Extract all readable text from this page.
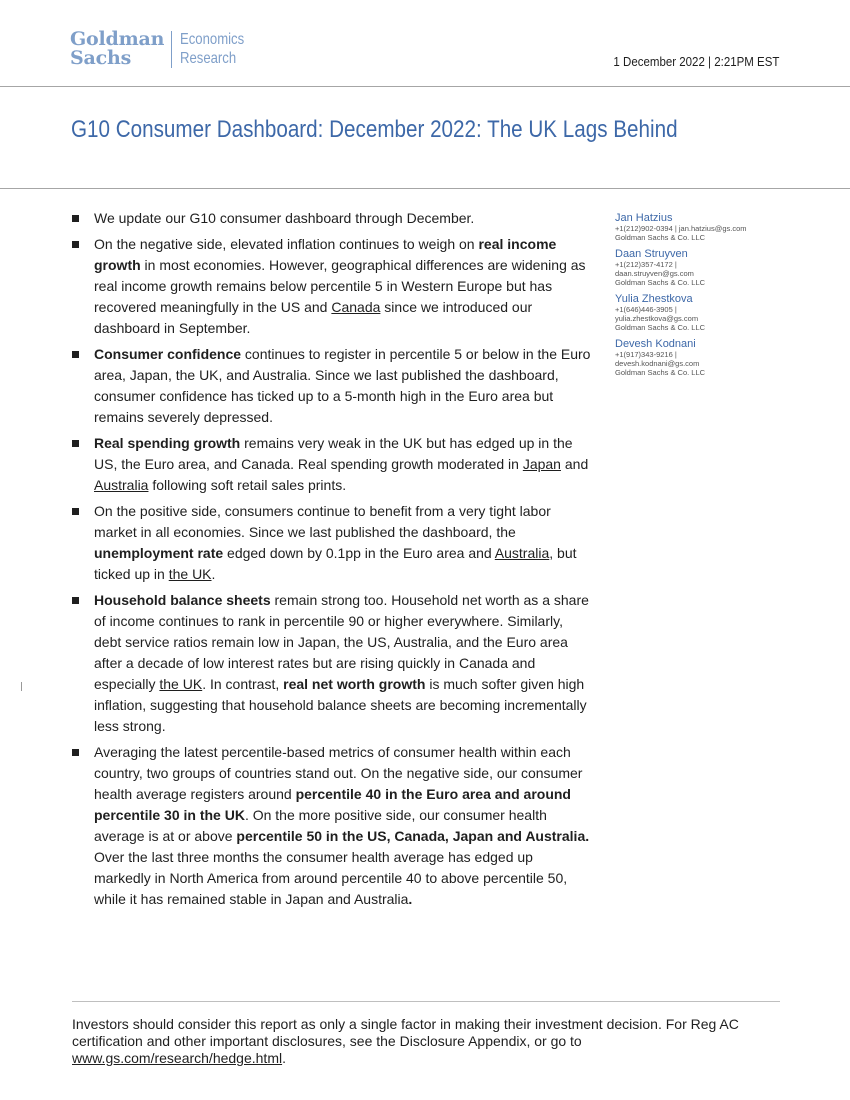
Goldman
Sachs
Economics
Research	1 December 2022 | 2:21PM EST
G10 Consumer Dashboard: December 2022: The UK Lags Behind
We update our G10 consumer dashboard through December.
On the negative side, elevated inflation continues to weigh on real income growth in most economies. However, geographical differences are widening as real income growth remains below percentile 5 in Western Europe but has recovered meaningfully in the US and Canada since we introduced our dashboard in September.
Consumer confidence continues to register in percentile 5 or below in the Euro area, Japan, the UK, and Australia. Since we last published the dashboard, consumer confidence has ticked up to a 5-month high in the Euro area but remains severely depressed.
Real spending growth remains very weak in the UK but has edged up in the US, the Euro area, and Canada. Real spending growth moderated in Japan and Australia following soft retail sales prints.
On the positive side, consumers continue to benefit from a very tight labor market in all economies. Since we last published the dashboard, the unemployment rate edged down by 0.1pp in the Euro area and Australia, but ticked up in the UK.
Household balance sheets remain strong too. Household net worth as a share of income continues to rank in percentile 90 or higher everywhere. Similarly, debt service ratios remain low in Japan, the US, Australia, and the Euro area after a decade of low interest rates but are rising quickly in Canada and especially the UK. In contrast, real net worth growth is much softer given high inflation, suggesting that household balance sheets are becoming incrementally less strong.
Averaging the latest percentile-based metrics of consumer health within each country, two groups of countries stand out. On the negative side, our consumer health average registers around percentile 40 in the Euro area and around percentile 30 in the UK. On the more positive side, our consumer health average is at or above percentile 50 in the US, Canada, Japan and Australia. Over the last three months the consumer health average has edged up markedly in North America from around percentile 40 to above percentile 50, while it has remained stable in Japan and Australia.
Jan Hatzius
+1(212)902-0394 | jan.hatzius@gs.com
Goldman Sachs & Co. LLC
Daan Struyven
+1(212)357-4172 |
daan.struyven@gs.com
Goldman Sachs & Co. LLC
Yulia Zhestkova
+1(646)446-3905 |
yulia.zhestkova@gs.com
Goldman Sachs & Co. LLC
Devesh Kodnani
+1(917)343-9216 |
devesh.kodnani@gs.com
Goldman Sachs & Co. LLC
Investors should consider this report as only a single factor in making their investment decision. For Reg AC certification and other important disclosures, see the Disclosure Appendix, or go to www.gs.com/research/hedge.html.
